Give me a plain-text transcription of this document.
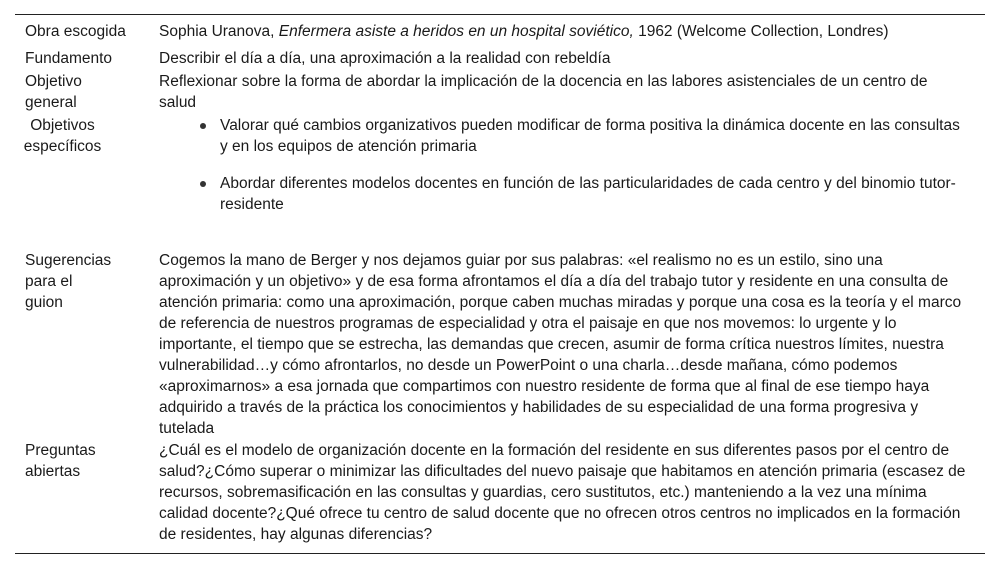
Obra escogida	Sophia Uranova, Enfermera asiste a heridos en un hospital soviético, 1962 (Welcome Collection, Londres)
Fundamento	Describir el día a día, una aproximación a la realidad con rebeldía
Objetivo
general
Reflexionar sobre la forma de abordar la implicación de la docencia en las labores asistenciales de un centro de salud
Objetivos
específicos
Valorar qué cambios organizativos pueden modificar de forma positiva la dinámica docente en las consultas y en los equipos de atención primaria
Abordar diferentes modelos docentes en función de las particularidades de cada centro y del binomio tutor-residente
Sugerencias
para el
guion
Cogemos la mano de Berger y nos dejamos guiar por sus palabras: «el realismo no es un estilo, sino una aproximación y un objetivo» y de esa forma afrontamos el día a día del trabajo tutor y residente en una consulta de atención primaria: como una aproximación, porque caben muchas miradas y porque una cosa es la teoría y el marco de referencia de nuestros programas de especialidad y otra el paisaje en que nos movemos: lo urgente y lo importante, el tiempo que se estrecha, las demandas que crecen, asumir de forma crítica nuestros límites, nuestra vulnerabilidad…y cómo afrontarlos, no desde un PowerPoint o una charla…desde mañana, cómo podemos «aproximarnos» a esa jornada que compartimos con nuestro residente de forma que al final de ese tiempo haya adquirido a través de la práctica los conocimientos y habilidades de su especialidad de una forma progresiva y tutelada
Preguntas
abiertas
¿Cuál es el modelo de organización docente en la formación del residente en sus diferentes pasos por el centro de salud?¿Cómo superar o minimizar las dificultades del nuevo paisaje que habitamos en atención primaria (escasez de recursos, sobremasificación en las consultas y guardias, cero sustitutos, etc.) manteniendo a la vez una mínima calidad docente?¿Qué ofrece tu centro de salud docente que no ofrecen otros centros no implicados en la formación de residentes, hay algunas diferencias?
